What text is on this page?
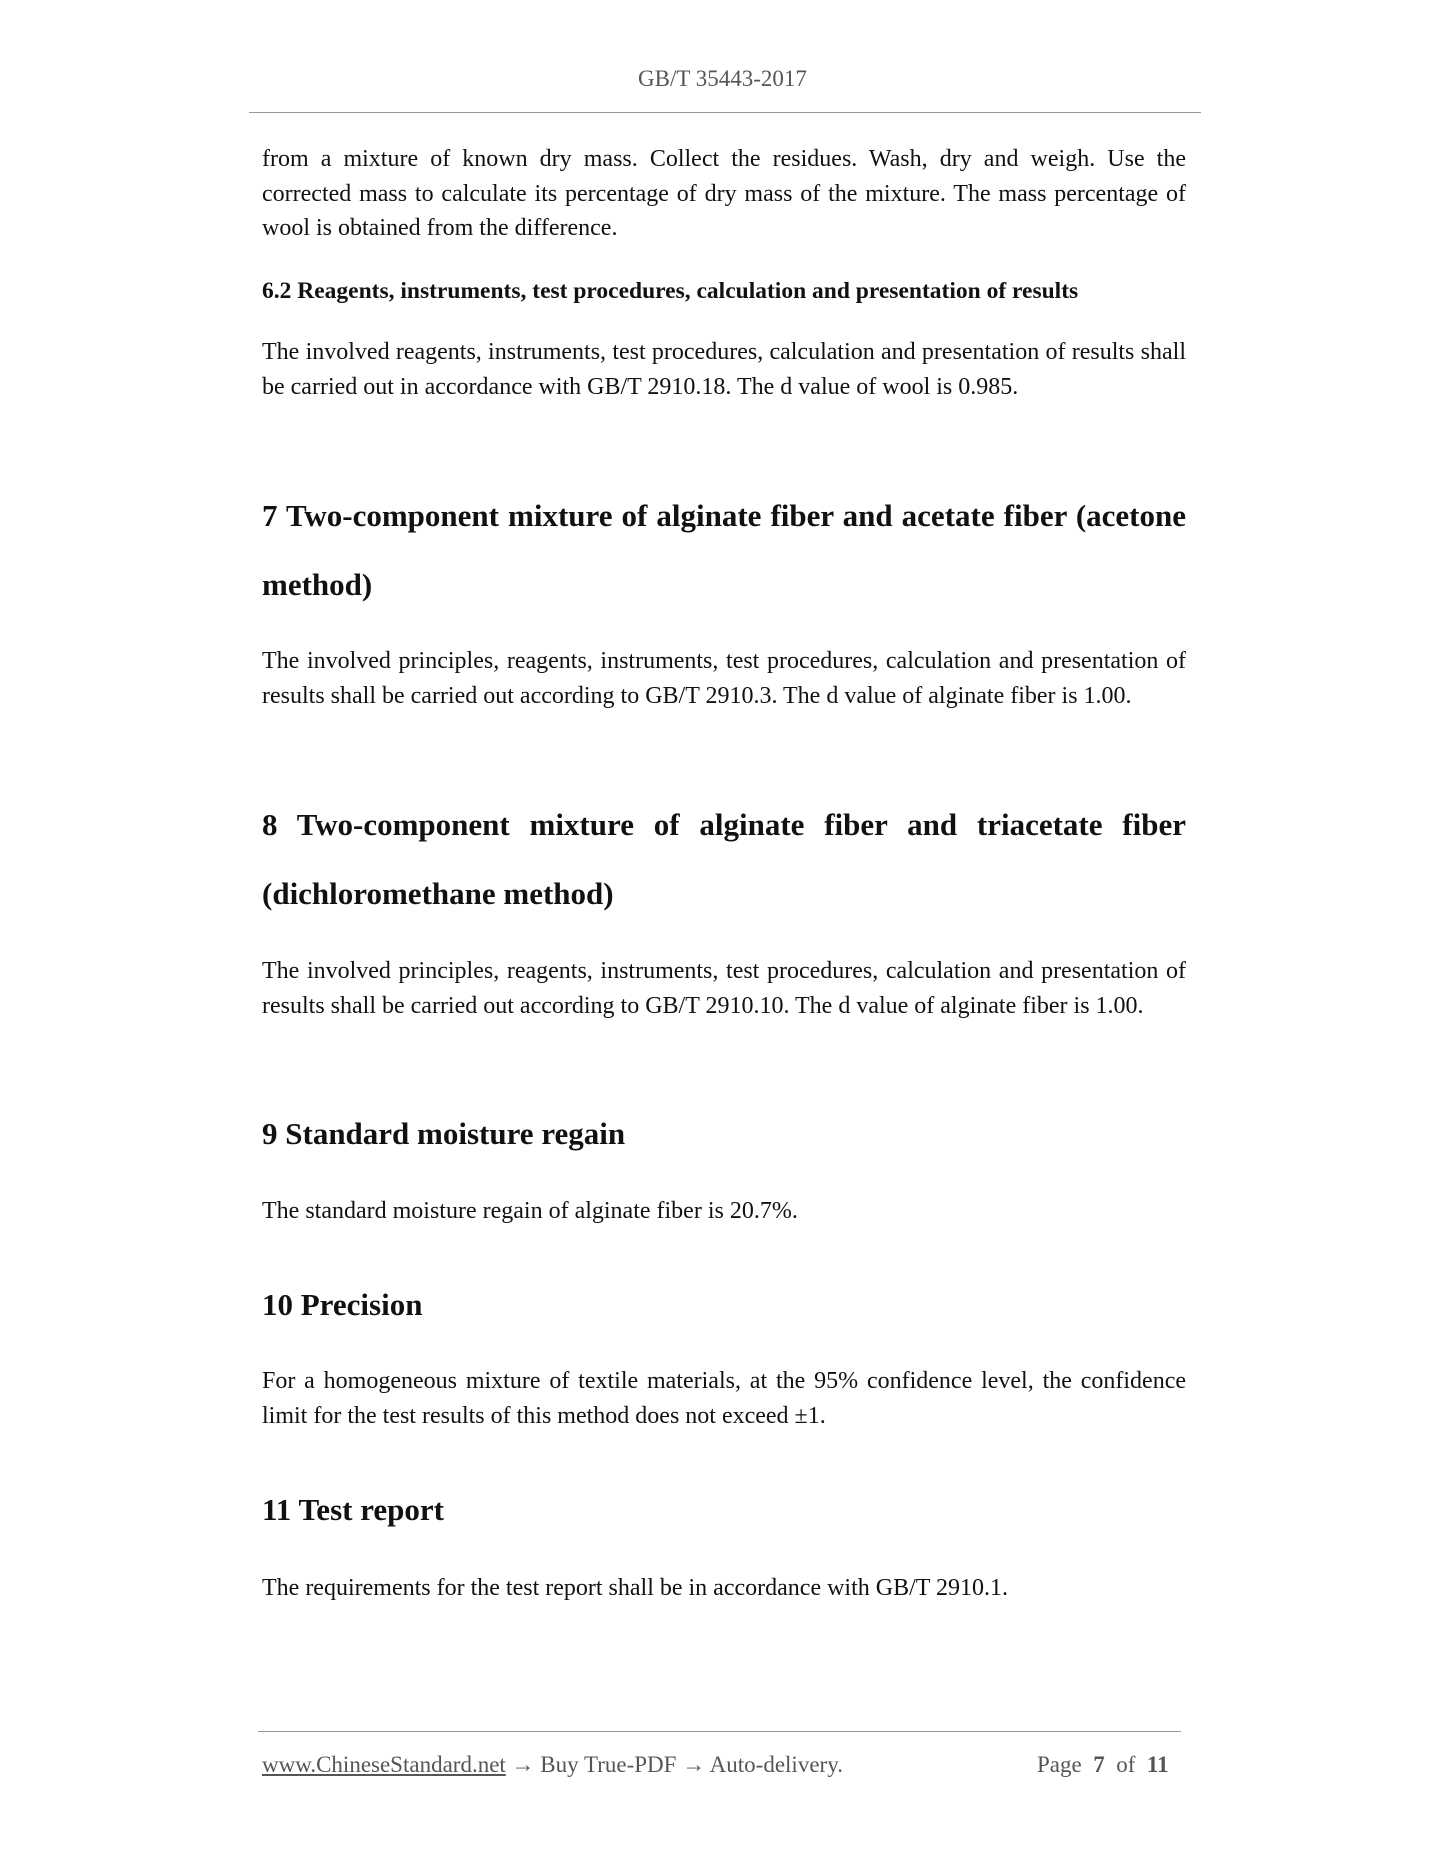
GB/T 35443-2017

from a mixture of known dry mass. Collect the residues. Wash, dry and weigh. Use the corrected mass to calculate its percentage of dry mass of the mixture. The mass percentage of wool is obtained from the difference.

6.2 Reagents, instruments, test procedures, calculation and presentation of results

The involved reagents, instruments, test procedures, calculation and presentation of results shall be carried out in accordance with GB/T 2910.18. The d value of wool is 0.985.

7 Two-component mixture of alginate fiber and acetate fiber (acetone method)

The involved principles, reagents, instruments, test procedures, calculation and presentation of results shall be carried out according to GB/T 2910.3. The d value of alginate fiber is 1.00.

8 Two-component mixture of alginate fiber and triacetate fiber (dichloromethane method)

The involved principles, reagents, instruments, test procedures, calculation and presentation of results shall be carried out according to GB/T 2910.10. The d value of alginate fiber is 1.00.

9 Standard moisture regain

The standard moisture regain of alginate fiber is 20.7%.

10 Precision

For a homogeneous mixture of textile materials, at the 95% confidence level, the confidence limit for the test results of this method does not exceed ±1.

11 Test report

The requirements for the test report shall be in accordance with GB/T 2910.1.

www.ChineseStandard.net → Buy True-PDF → Auto-delivery.	Page 7 of 11
